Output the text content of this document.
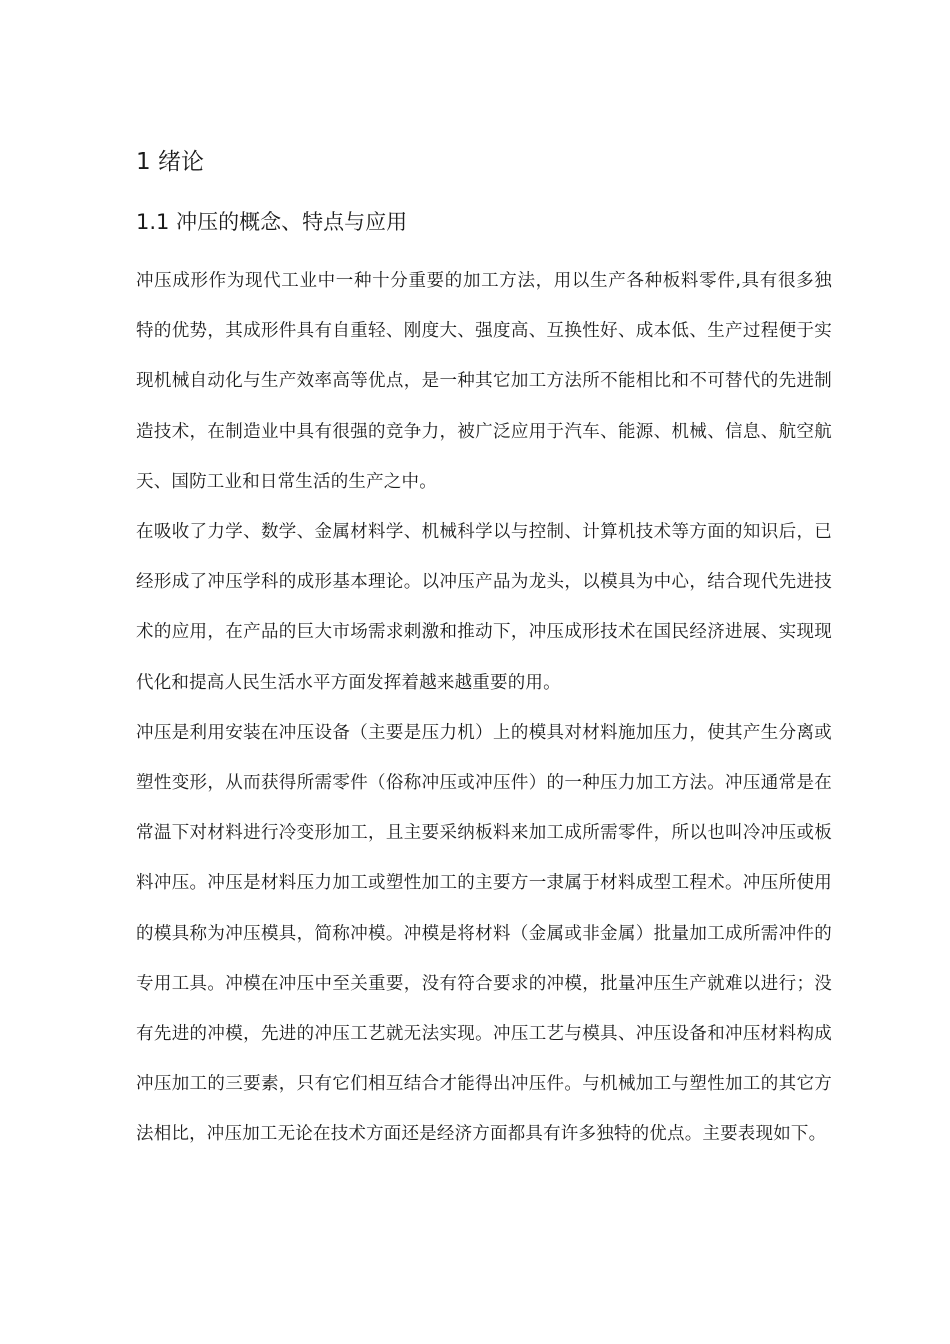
1 绪论
1.1 冲压的概念、特点与应用

冲压成形作为现代工业中一种十分重要的加工方法，用以生产各种板料零件,具有很多独特的优势，其成形件具有自重轻、刚度大、强度高、互换性好、成本低、生产过程便于实现机械自动化与生产效率高等优点，是一种其它加工方法所不能相比和不可替代的先进制造技术，在制造业中具有很强的竞争力，被广泛应用于汽车、能源、机械、信息、航空航天、国防工业和日常生活的生产之中。

在吸收了力学、数学、金属材料学、机械科学以与控制、计算机技术等方面的知识后，已经形成了冲压学科的成形基本理论。以冲压产品为龙头，以模具为中心，结合现代先进技术的应用，在产品的巨大市场需求刺激和推动下，冲压成形技术在国民经济进展、实现现代化和提高人民生活水平方面发挥着越来越重要的用。

冲压是利用安装在冲压设备（主要是压力机）上的模具对材料施加压力，使其产生分离或塑性变形，从而获得所需零件（俗称冲压或冲压件）的一种压力加工方法。冲压通常是在常温下对材料进行冷变形加工，且主要采纳板料来加工成所需零件，所以也叫冷冲压或板料冲压。冲压是材料压力加工或塑性加工的主要方一隶属于材料成型工程术。冲压所使用的模具称为冲压模具，简称冲模。冲模是将材料（金属或非金属）批量加工成所需冲件的专用工具。冲模在冲压中至关重要，没有符合要求的冲模，批量冲压生产就难以进行；没有先进的冲模，先进的冲压工艺就无法实现。冲压工艺与模具、冲压设备和冲压材料构成冲压加工的三要素，只有它们相互结合才能得出冲压件。与机械加工与塑性加工的其它方法相比，冲压加工无论在技术方面还是经济方面都具有许多独特的优点。主要表现如下。
